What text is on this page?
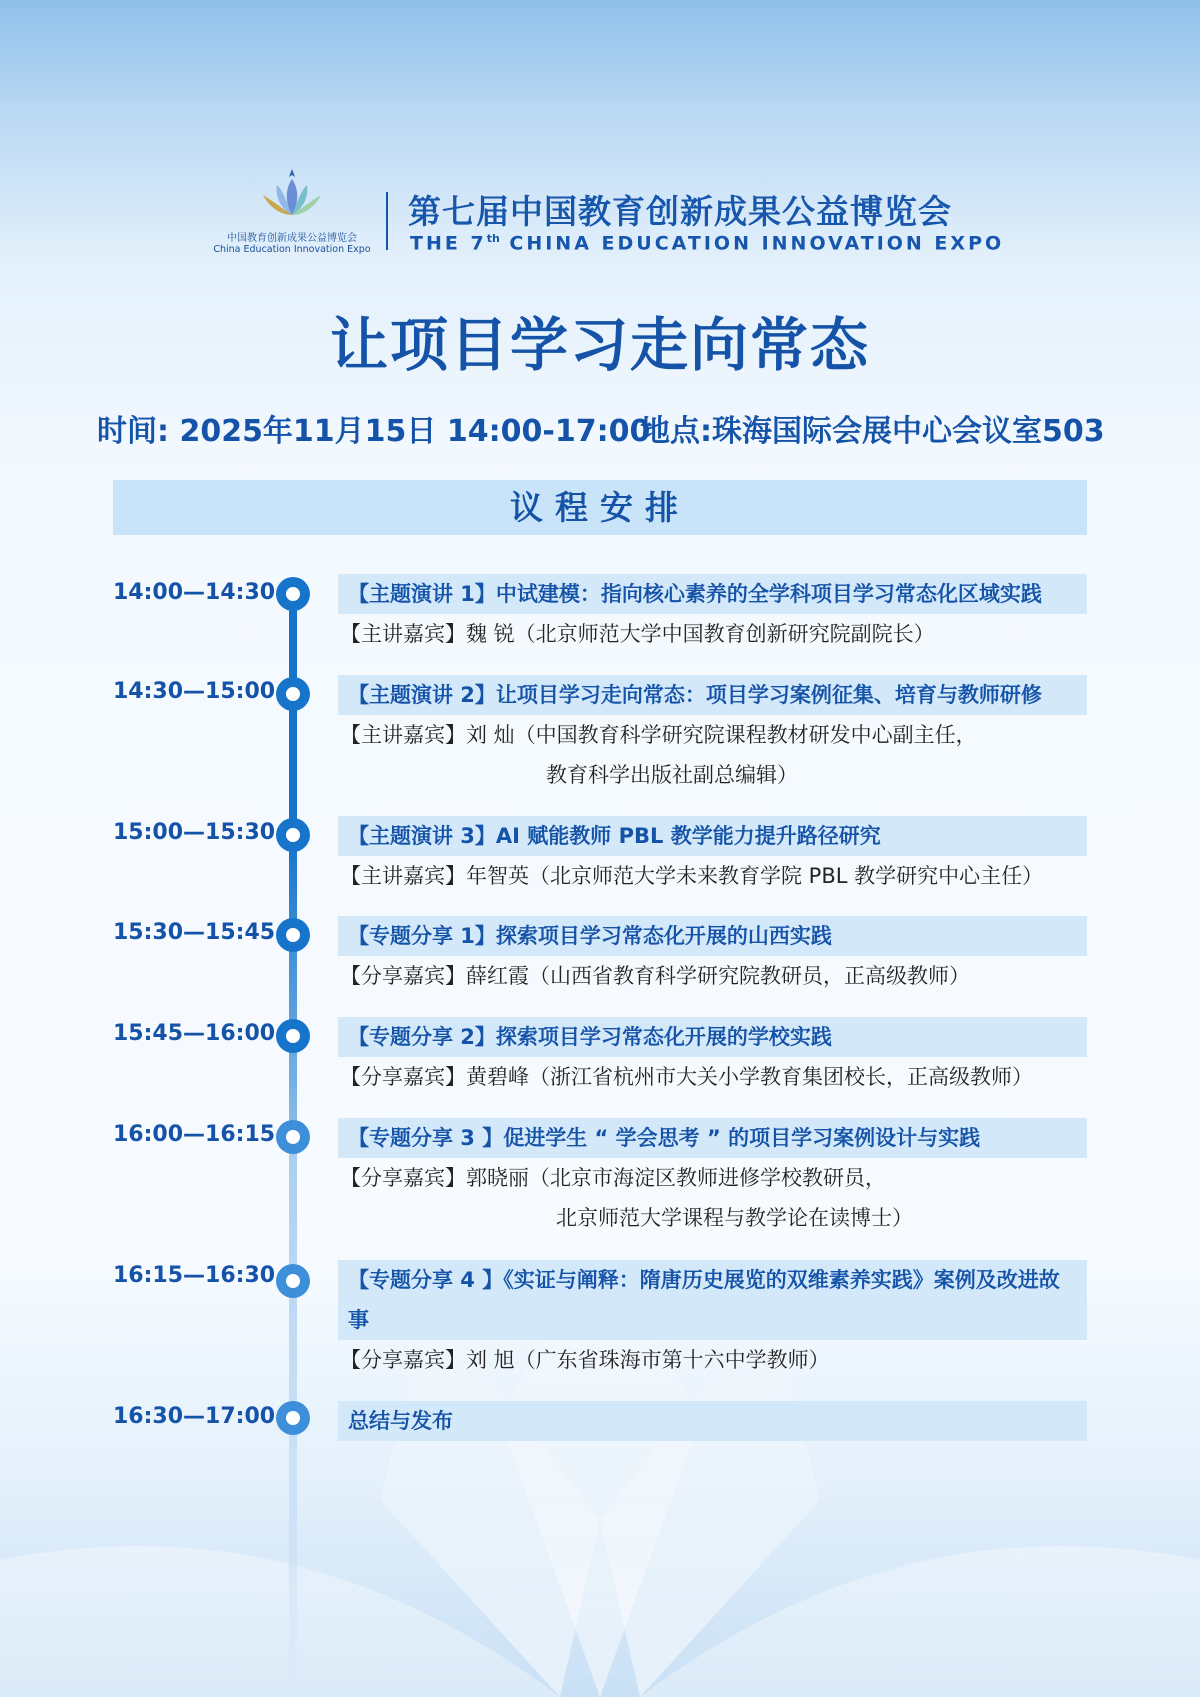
中国教育创新成果公益博览会
China Education Innovation Expo
第七届中国教育创新成果公益博览会
THE 7th CHINA EDUCATION INNOVATION EXPO
让项目学习走向常态
时间: 2025年11月15日 14:00-17:00
地点:珠海国际会展中心会议室503
议程安排
14:00—14:30	【主题演讲 1】中试建模：指向核心素养的全学科项目学习常态化区域实践
【主讲嘉宾】魏 锐（北京师范大学中国教育创新研究院副院长）
14:30—15:00	【主题演讲 2】让项目学习走向常态：项目学习案例征集、培育与教师研修
【主讲嘉宾】刘 灿（中国教育科学研究院课程教材研发中心副主任，
教育科学出版社副总编辑）
15:00—15:30	【主题演讲 3】AI 赋能教师 PBL 教学能力提升路径研究
【主讲嘉宾】年智英（北京师范大学未来教育学院 PBL 教学研究中心主任）
15:30—15:45	【专题分享 1】探索项目学习常态化开展的山西实践
【分享嘉宾】薛红霞（山西省教育科学研究院教研员，正高级教师）
15:45—16:00	【专题分享 2】探索项目学习常态化开展的学校实践
【分享嘉宾】黄碧峰（浙江省杭州市大关小学教育集团校长，正高级教师）
16:00—16:15	【专题分享 3 】促进学生 “ 学会思考 ” 的项目学习案例设计与实践
【分享嘉宾】郭晓丽（北京市海淀区教师进修学校教研员，
北京师范大学课程与教学论在读博士）
16:15—16:30	【专题分享 4 】《实证与阐释：隋唐历史展览的双维素养实践》案例及改进故事
【分享嘉宾】刘 旭（广东省珠海市第十六中学教师）
16:30—17:00	总结与发布
